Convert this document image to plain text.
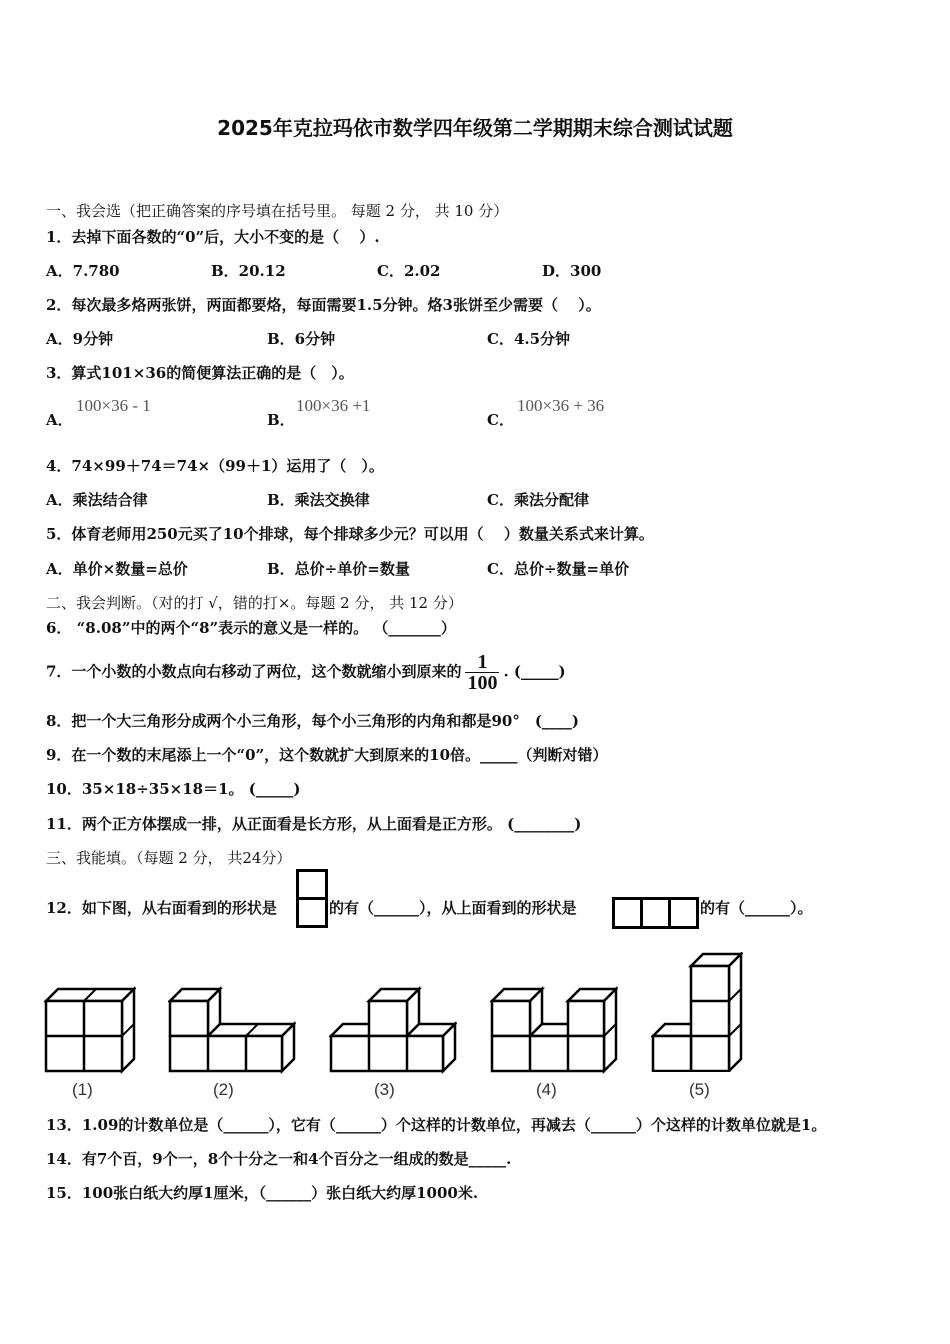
2025年克拉玛依市数学四年级第二学期期末综合测试试题
一、我会选（把正确答案的序号填在括号里。 每题 2 分， 共 10 分）
1．去掉下面各数的“0”后，大小不变的是（　 ）.
A．7.780	B．20.12	C．2.02	D．300
2．每次最多烙两张饼，两面都要烙，每面需要1.5分钟。烙3张饼至少需要（　 ）。
A．9分钟	B．6分钟	C．4.5分钟
3．算式101×36的简便算法正确的是（　）。
A．
100×36 - 1
B．
100×36 +1
C．
100×36 + 36
4．74×99＋74＝74×（99＋1）运用了（　）。
A．乘法结合律	B．乘法交换律	C．乘法分配律
5．体育老师用250元买了10个排球，每个排球多少元？可以用（　 ）数量关系式来计算。
A．单价×数量=总价	B．总价÷单价=数量	C．总价÷数量=单价
二、我会判断。（对的打 √，错的打×。每题 2 分， 共 12 分）
6． “8.08”中的两个“8”表示的意义是一样的。 （_______）
7．一个小数的小数点向右移动了两位，这个数就缩小到原来的 $\frac{1}{100}$ . (_____)
8．把一个大三角形分成两个小三角形，每个小三角形的内角和都是90°　(____)
9．在一个数的末尾添上一个“0”，这个数就扩大到原来的10倍。_____（判断对错）
10．35×18÷35×18＝1。 (_____)
11．两个正方体摆成一排，从正面看是长方形，从上面看是正方形。 (________)
三、我能填。（每题 2 分， 共24分）
12．如下图，从右面看到的形状是	的有（______），从上面看到的形状是	的有（______）。
(1)	(2)	(3)	(4)	(5)
13．1.09的计数单位是（______），它有（______）个这样的计数单位，再减去（______）个这样的计数单位就是1。
14．有7个百，9个一，8个十分之一和4个百分之一组成的数是_____.
15．100张白纸大约厚1厘米，（______）张白纸大约厚1000米.
